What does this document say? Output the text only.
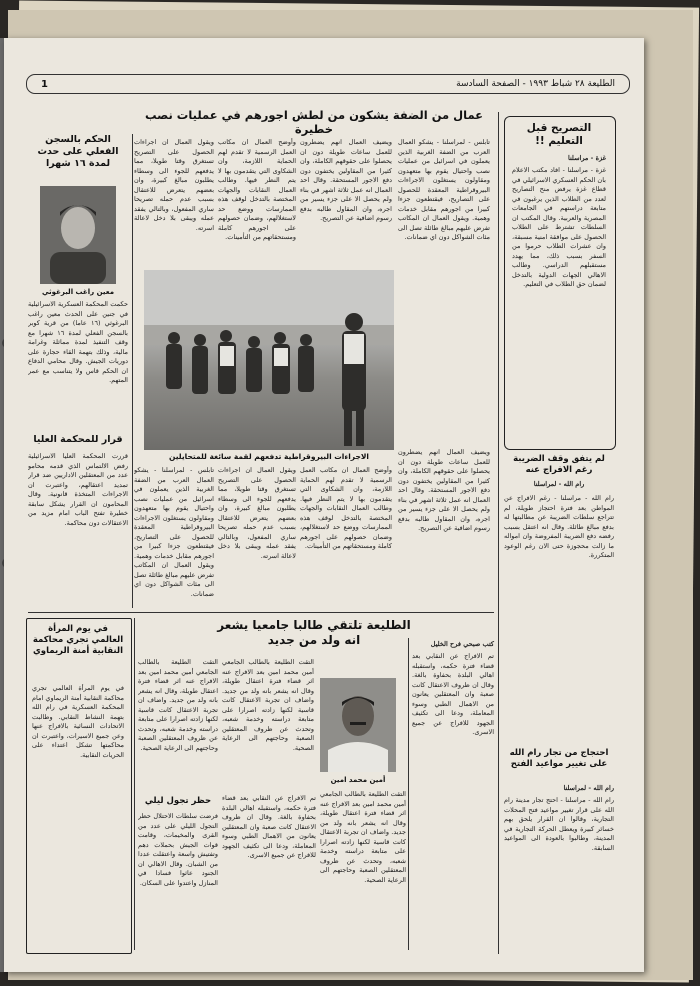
الطليعة ٢٨ شباط ١٩٩٣ - الصفحة السادسة
1
التصريح قبل التعليم !!
غزة - مراسلنا
غزة - مراسلنا - افاد مكتب الاعلام بان الحكم العسكري الاسرائيلي في قطاع غزة يرفض منح التصاريح لعدد من الطلاب الذين يرغبون في متابعة دراستهم في الجامعات المصرية والعربية. وقال المكتب ان السلطات تشترط على الطلاب الحصول على موافقة امنية مسبقة، وان عشرات الطلاب حرموا من السفر بسبب ذلك، مما يهدد مستقبلهم الدراسي. وطالب الاهالي الجهات الدولية بالتدخل لضمان حق الطلاب في التعليم.
لم يتفق وقف الضريبة رغم الافراج عنه
رام الله - لمراسلنا
رام الله - مراسلنا - رغم الافراج عن المواطن بعد فترة احتجاز طويلة، لم تتراجع سلطات الضريبة عن مطالبتها له بدفع مبالغ طائلة. وقال انه اعتقل بسبب رفضه دفع الضريبة المفروضة وان امواله ما زالت محجوزة حتى الان رغم الوعود المتكررة.
احتجاج من تجار رام الله على تغيير مواعيد الفتح
رام الله - لمراسلنا
رام الله - مراسلنا - احتج تجار مدينة رام الله على قرار تغيير مواعيد فتح المحلات التجارية، وقالوا ان القرار يلحق بهم خسائر كبيرة ويعطل الحركة التجارية في المدينة، وطالبوا بالعودة الى المواعيد السابقة.
عمال من الضفة يشكون من لطش اجورهم في عمليات نصب خطيرة
تابلس - لمراسلنا - يشكو العمال العرب من الضفة الغربية الذين يعملون في اسرائيل من عمليات نصب واحتيال يقوم بها متعهدون ومقاولون يستغلون الاجراءات البيروقراطية المعقدة للحصول على التصاريح، فيقتطعون جزءا كبيرا من اجورهم مقابل خدمات وهمية. ويقول العمال ان المكاتب تفرض عليهم مبالغ طائلة تصل الى مئات الشواكل دون اي ضمانات.
ويضيف العمال انهم يضطرون للعمل ساعات طويلة دون ان يحصلوا على حقوقهم الكاملة، وان كثيرا من المقاولين يختفون دون دفع الاجور المستحقة. وقال احد العمال انه عمل ثلاثة اشهر في بناء ولم يحصل الا على جزء يسير من اجره، وان المقاول طالبه بدفع رسوم اضافية عن التصريح.
وأوضح العمال ان مكاتب العمل الرسمية لا تقدم لهم الحماية اللازمة، وان الشكاوى التي يتقدمون بها لا يتم النظر فيها. وطالب العمال النقابات والجهات المختصة بالتدخل لوقف هذه الممارسات ووضع حد لاستغلالهم، وضمان حصولهم على اجورهم كاملة ومستحقاتهم من التأمينات.
ويقول العمال ان اجراءات الحصول على التصريح تستغرق وقتا طويلا، مما يدفعهم للجوء الى وسطاء يطلبون مبالغ كبيرة، وان بعضهم يتعرض للاعتقال بسبب عدم حمله تصريحا ساري المفعول، وبالتالي يفقد عمله ويبقى بلا دخل لاعالة اسرته.
الاجراءات البيروقراطية تدفعهم لقمة سائغة للمتحايلين	ويضيف العمال انهم يضطرون للعمل ساعات طويلة دون ان يحصلوا على حقوقهم الكاملة، وان كثيرا من المقاولين يختفون دون دفع الاجور المستحقة. وقال احد العمال انه عمل ثلاثة اشهر في بناء ولم يحصل الا على جزء يسير من اجره، وان المقاول طالبه بدفع رسوم اضافية عن التصريح.
وأوضح العمال ان مكاتب العمل الرسمية لا تقدم لهم الحماية اللازمة، وان الشكاوى التي يتقدمون بها لا يتم النظر فيها. وطالب العمال النقابات والجهات المختصة بالتدخل لوقف هذه الممارسات ووضع حد لاستغلالهم، وضمان حصولهم على اجورهم كاملة ومستحقاتهم من التأمينات.
ويقول العمال ان اجراءات الحصول على التصريح تستغرق وقتا طويلا، مما يدفعهم للجوء الى وسطاء يطلبون مبالغ كبيرة، وان بعضهم يتعرض للاعتقال بسبب عدم حمله تصريحا ساري المفعول، وبالتالي يفقد عمله ويبقى بلا دخل لاعالة اسرته.
تابلس - لمراسلنا - يشكو العمال العرب من الضفة الغربية الذين يعملون في اسرائيل من عمليات نصب واحتيال يقوم بها متعهدون ومقاولون يستغلون الاجراءات البيروقراطية المعقدة للحصول على التصاريح، فيقتطعون جزءا كبيرا من اجورهم مقابل خدمات وهمية. ويقول العمال ان المكاتب تفرض عليهم مبالغ طائلة تصل الى مئات الشواكل دون اي ضمانات.
الحكم بالسجن الفعلي على حدث لمدة ١٦ شهرا
معين راغب البرغوثي
حكمت المحكمة العسكرية الاسرائيلية في جنين على الحدث معين راغب البرغوثي (١٦ عاما) من قرية كوبر بالسجن الفعلي لمدة ١٦ شهرا مع وقف التنفيذ لمدة مماثلة وغرامة مالية، وذلك بتهمة القاء حجارة على دوريات الجيش. وقال محامي الدفاع ان الحكم قاس ولا يتناسب مع عمر المتهم.
قرار للمحكمة العليا
قررت المحكمة العليا الاسرائيلية رفض الالتماس الذي قدمه محامو عدد من المعتقلين الاداريين ضد قرار تمديد اعتقالهم، واعتبرت ان الاجراءات المتخذة قانونية. وقال المحامون ان القرار يشكل سابقة خطيرة تفتح الباب امام مزيد من الاعتقالات دون محاكمة.
في يوم المرأة العالمي تجري محاكمة النقابية أمنة الريماوي
في يوم المرأة العالمي تجري محاكمة النقابية أمنة الريماوي امام المحكمة العسكرية في رام الله بتهمة النشاط النقابي. وطالبت الاتحادات النسائية بالافراج عنها وعن جميع الاسيرات، واعتبرت ان محاكمتها تشكل اعتداء على الحريات النقابية.
الطليعة تلتقي طالبا جامعيا يشعر انه ولد من جديد
أمين محمد امين
كتب صبحي فرح الخليل
تم الافراج عن النقابي بعد قضاء فترة حكمه، واستقبله اهالي البلدة بحفاوة بالغة. وقال ان ظروف الاعتقال كانت صعبة وان المعتقلين يعانون من الاهمال الطبي وسوء المعاملة، ودعا الى تكثيف الجهود للافراج عن جميع الاسرى.
التقت الطليعة بالطالب الجامعي أمين محمد امين بعد الافراج عنه اثر قضاء فترة اعتقال طويلة، وقال انه يشعر بانه ولد من جديد. واضاف ان تجربة الاعتقال كانت قاسية لكنها زادته اصرارا على متابعة دراسته وخدمة شعبه، وتحدث عن ظروف المعتقلين الصعبة وحاجتهم الى الرعاية الصحية.
التقت الطليعة بالطالب الجامعي أمين محمد امين بعد الافراج عنه اثر قضاء فترة اعتقال طويلة، وقال انه يشعر بانه ولد من جديد. واضاف ان تجربة الاعتقال كانت قاسية لكنها زادته اصرارا على متابعة دراسته وخدمة شعبه، وتحدث عن ظروف المعتقلين الصعبة وحاجتهم الى الرعاية الصحية.
التقت الطليعة بالطالب الجامعي أمين محمد امين بعد الافراج عنه اثر قضاء فترة اعتقال طويلة، وقال انه يشعر بانه ولد من جديد. واضاف ان تجربة الاعتقال كانت قاسية لكنها زادته اصرارا على متابعة دراسته وخدمة شعبه، وتحدث عن ظروف المعتقلين الصعبة وحاجتهم الى الرعاية الصحية.
تم الافراج عن النقابي بعد قضاء فترة حكمه، واستقبله اهالي البلدة بحفاوة بالغة. وقال ان ظروف الاعتقال كانت صعبة وان المعتقلين يعانون من الاهمال الطبي وسوء المعاملة، ودعا الى تكثيف الجهود للافراج عن جميع الاسرى.
حظر تجول ليلي
فرضت سلطات الاحتلال حظر التجول الليلي على عدد من القرى والمخيمات، وقامت قوات الجيش بحملات دهم وتفتيش واسعة واعتقلت عددا من الشبان. وقال الاهالي ان الجنود عاثوا فسادا في المنازل واعتدوا على السكان.
